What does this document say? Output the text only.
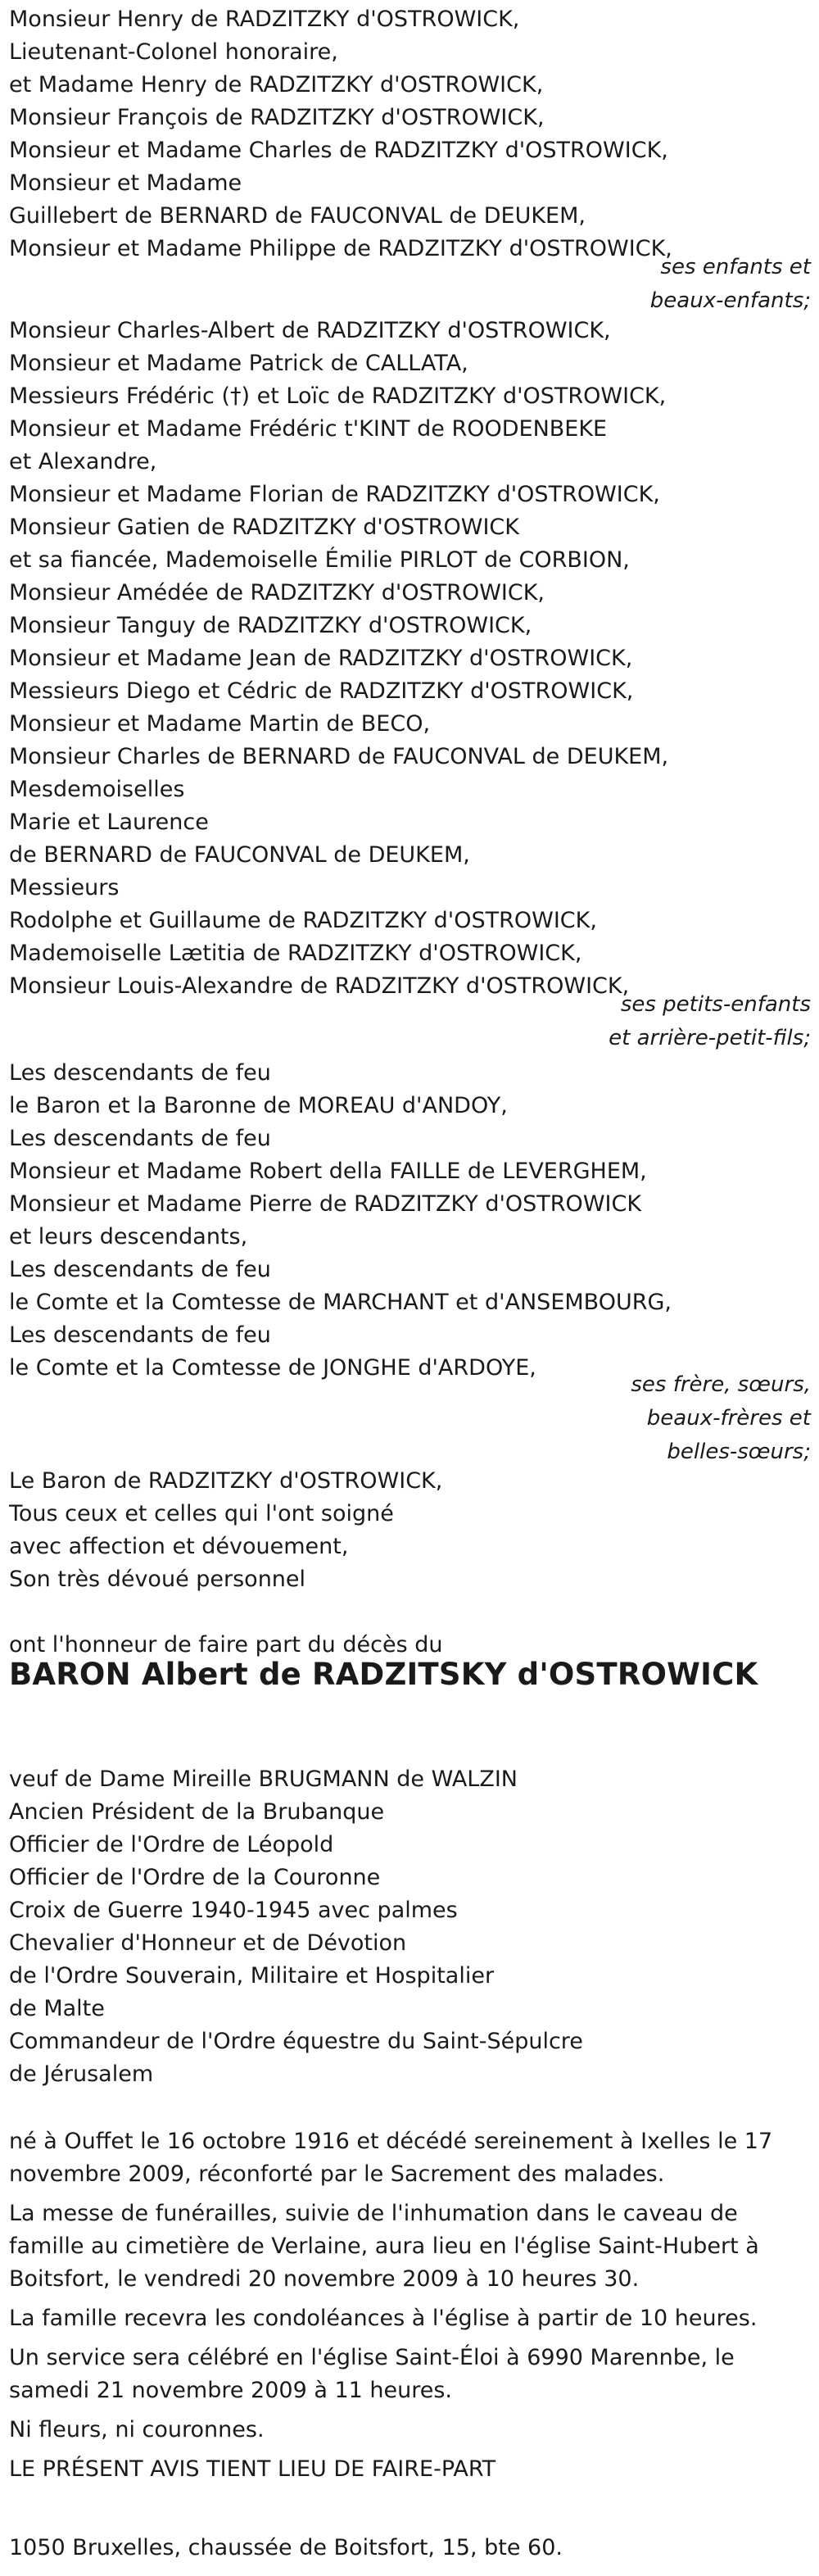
Monsieur Henry de RADZITZKY d'OSTROWICK,
Lieutenant-Colonel honoraire,
et Madame Henry de RADZITZKY d'OSTROWICK,
Monsieur François de RADZITZKY d'OSTROWICK,
Monsieur et Madame Charles de RADZITZKY d'OSTROWICK,
Monsieur et Madame
Guillebert de BERNARD de FAUCONVAL de DEUKEM,
Monsieur et Madame Philippe de RADZITZKY d'OSTROWICK,
ses enfants et
beaux-enfants;
Monsieur Charles-Albert de RADZITZKY d'OSTROWICK,
Monsieur et Madame Patrick de CALLATA,
Messieurs Frédéric (†) et Loïc de RADZITZKY d'OSTROWICK,
Monsieur et Madame Frédéric t'KINT de ROODENBEKE
et Alexandre,
Monsieur et Madame Florian de RADZITZKY d'OSTROWICK,
Monsieur Gatien de RADZITZKY d'OSTROWICK
et sa fiancée, Mademoiselle Émilie PIRLOT de CORBION,
Monsieur Amédée de RADZITZKY d'OSTROWICK,
Monsieur Tanguy de RADZITZKY d'OSTROWICK,
Monsieur et Madame Jean de RADZITZKY d'OSTROWICK,
Messieurs Diego et Cédric de RADZITZKY d'OSTROWICK,
Monsieur et Madame Martin de BECO,
Monsieur Charles de BERNARD de FAUCONVAL de DEUKEM,
Mesdemoiselles
Marie et Laurence
de BERNARD de FAUCONVAL de DEUKEM,
Messieurs
Rodolphe et Guillaume de RADZITZKY d'OSTROWICK,
Mademoiselle Lætitia de RADZITZKY d'OSTROWICK,
Monsieur Louis-Alexandre de RADZITZKY d'OSTROWICK,
ses petits-enfants
et arrière-petit-fils;
Les descendants de feu
le Baron et la Baronne de MOREAU d'ANDOY,
Les descendants de feu
Monsieur et Madame Robert della FAILLE de LEVERGHEM,
Monsieur et Madame Pierre de RADZITZKY d'OSTROWICK
et leurs descendants,
Les descendants de feu
le Comte et la Comtesse de MARCHANT et d'ANSEMBOURG,
Les descendants de feu
le Comte et la Comtesse de JONGHE d'ARDOYE,
ses frère, sœurs,
beaux-frères et
belles-sœurs;
Le Baron de RADZITZKY d'OSTROWICK,
Tous ceux et celles qui l'ont soigné
avec affection et dévouement,
Son très dévoué personnel
ont l'honneur de faire part du décès du
BARON Albert de RADZITSKY d'OSTROWICK
veuf de Dame Mireille BRUGMANN de WALZIN
Ancien Président de la Brubanque
Officier de l'Ordre de Léopold
Officier de l'Ordre de la Couronne
Croix de Guerre 1940-1945 avec palmes
Chevalier d'Honneur et de Dévotion
de l'Ordre Souverain, Militaire et Hospitalier
de Malte
Commandeur de l'Ordre équestre du Saint-Sépulcre
de Jérusalem

né à Ouffet le 16 octobre 1916 et décédé sereinement à Ixelles le 17 novembre 2009, réconforté par le Sacrement des malades.

La messe de funérailles, suivie de l'inhumation dans le caveau de famille au cimetière de Verlaine, aura lieu en l'église Saint-Hubert à Boitsfort, le vendredi 20 novembre 2009 à 10 heures 30.

La famille recevra les condoléances à l'église à partir de 10 heures.

Un service sera célébré en l'église Saint-Éloi à 6990 Marennbe, le samedi 21 novembre 2009 à 11 heures.

Ni fleurs, ni couronnes.

LE PRÉSENT AVIS TIENT LIEU DE FAIRE-PART

1050 Bruxelles, chaussée de Boitsfort, 15, bte 60.
